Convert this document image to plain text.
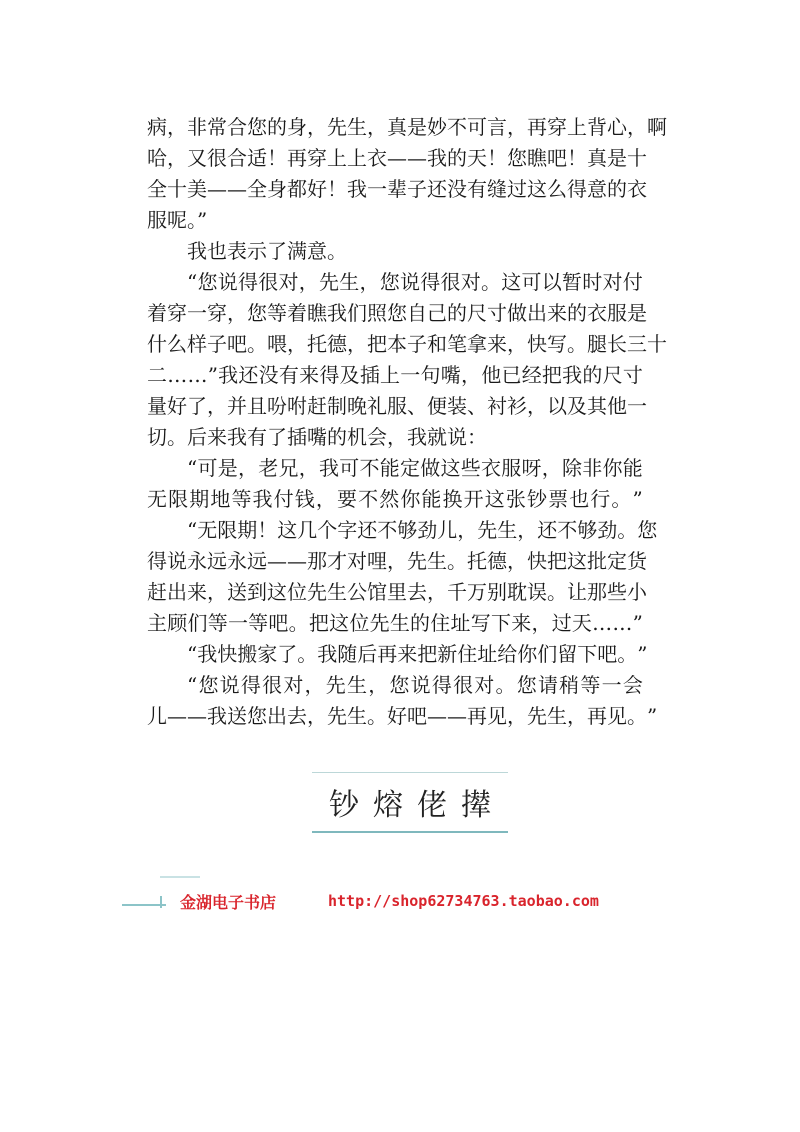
病 ， 非 常 合 您 的 身 ， 先 生 ， 真 是 妙 不 可 言 ， 再 穿 上 背 心 ， 啊
哈 ， 又 很 合 适 ！ 再 穿 上 上 衣 — — 我 的 天 ！ 您 瞧 吧 ！ 真 是 十
全 十 美 — — 全 身 都 好 ！ 我 一 辈 子 还 没 有 缝 过 这 么 得 意 的 衣
服呢。”
我也表示了满意。
“ 您 说 得 很 对 ， 先 生 ， 您 说 得 很 对 。 这 可 以 暂 时 对 付
着 穿 一 穿 ， 您 等 着 瞧 我 们 照 您 自 己 的 尺 寸 做 出 来 的 衣 服 是
什 么 样 子 吧 。 喂 ， 托 德 ， 把 本 子 和 笔 拿 来 ， 快 写 。 腿 长 三 十
二 … … ” 我 还 没 有 来 得 及 插 上 一 句 嘴 ， 他 已 经 把 我 的 尺 寸
量 好 了 ， 并 且 吩 咐 赶 制 晚 礼 服 、 便 装 、 衬 衫 ， 以 及 其 他 一
切。后来我有了插嘴的机会，我就说：
“ 可 是 ， 老 兄 ， 我 可 不 能 定 做 这 些 衣 服 呀 ， 除 非 你 能
无 限 期 地 等 我 付 钱 ， 要 不 然 你 能 换 开 这 张 钞 票 也 行 。 ”
“ 无 限 期 ！ 这 几 个 字 还 不 够 劲 儿 ， 先 生 ， 还 不 够 劲 。 您
得 说 永 远 永 远 — — 那 才 对 哩 ， 先 生 。 托 德 ， 快 把 这 批 定 货
赶 出 来 ， 送 到 这 位 先 生 公 馆 里 去 ， 千 万 别 耽 误 。 让 那 些 小
主 顾 们 等 一 等 吧 。 把 这 位 先 生 的 住 址 写 下 来 ， 过 天 … … ”
“ 我 快 搬 家 了 。 我 随 后 再 来 把 新 住 址 给 你 们 留 下 吧 。 ”
“ 您 说 得 很 对 ， 先 生 ， 您 说 得 很 对 。 您 请 稍 等 一 会
儿 — — 我 送 您 出 去 ， 先 生 。 好 吧 — — 再 见 ， 先 生 ， 再 见 。 ”
钞熔佬撵
金湖电子书店	http://shop62734763.taobao.com
